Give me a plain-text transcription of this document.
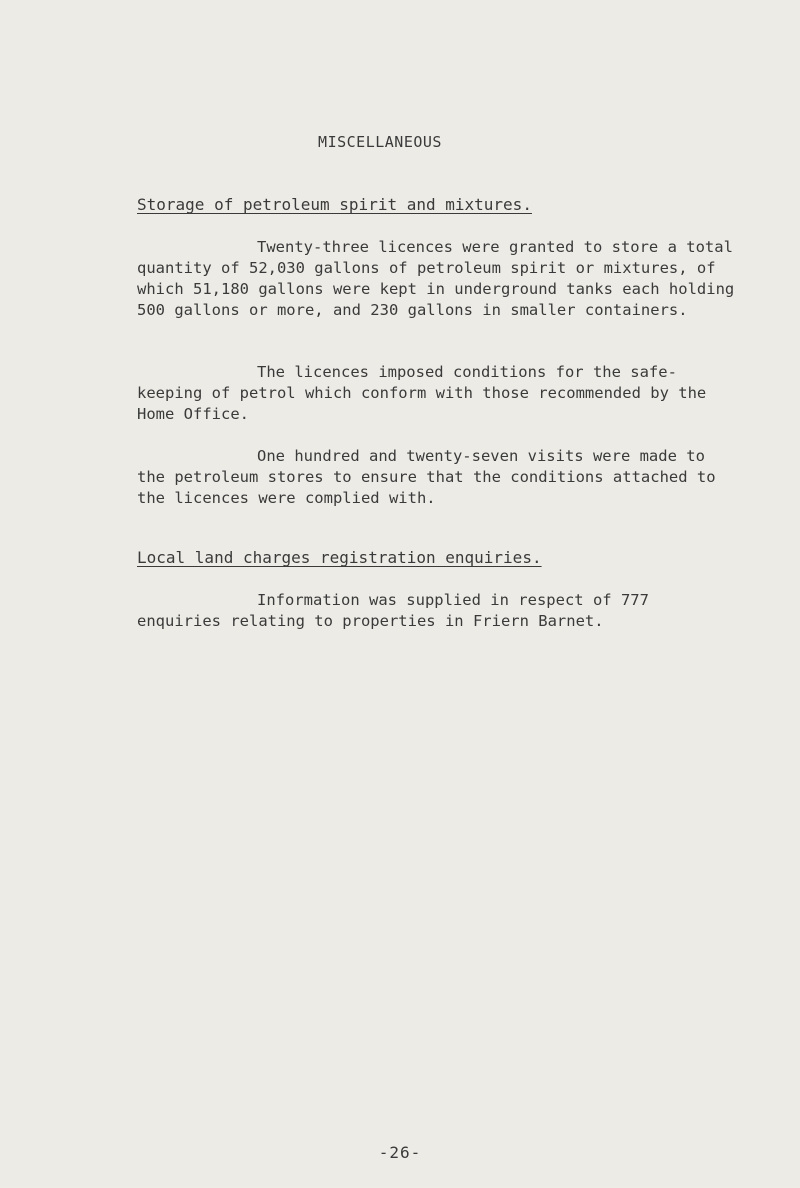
MISCELLANEOUS
Storage of petroleum spirit and mixtures.

Twenty-three licences were granted to store a total quantity of 52,030 gallons of petroleum spirit or mixtures, of which 51,180 gallons were kept in underground tanks each holding 500 gallons or more, and 230 gallons in smaller containers.

The licences imposed conditions for the safe-keeping of petrol which conform with those recommended by the Home Office.

One hundred and twenty-seven visits were made to the petroleum stores to ensure that the conditions attached to the licences were complied with.

Local land charges registration enquiries.

Information was supplied in respect of 777 enquiries relating to properties in Friern Barnet.

-26-
